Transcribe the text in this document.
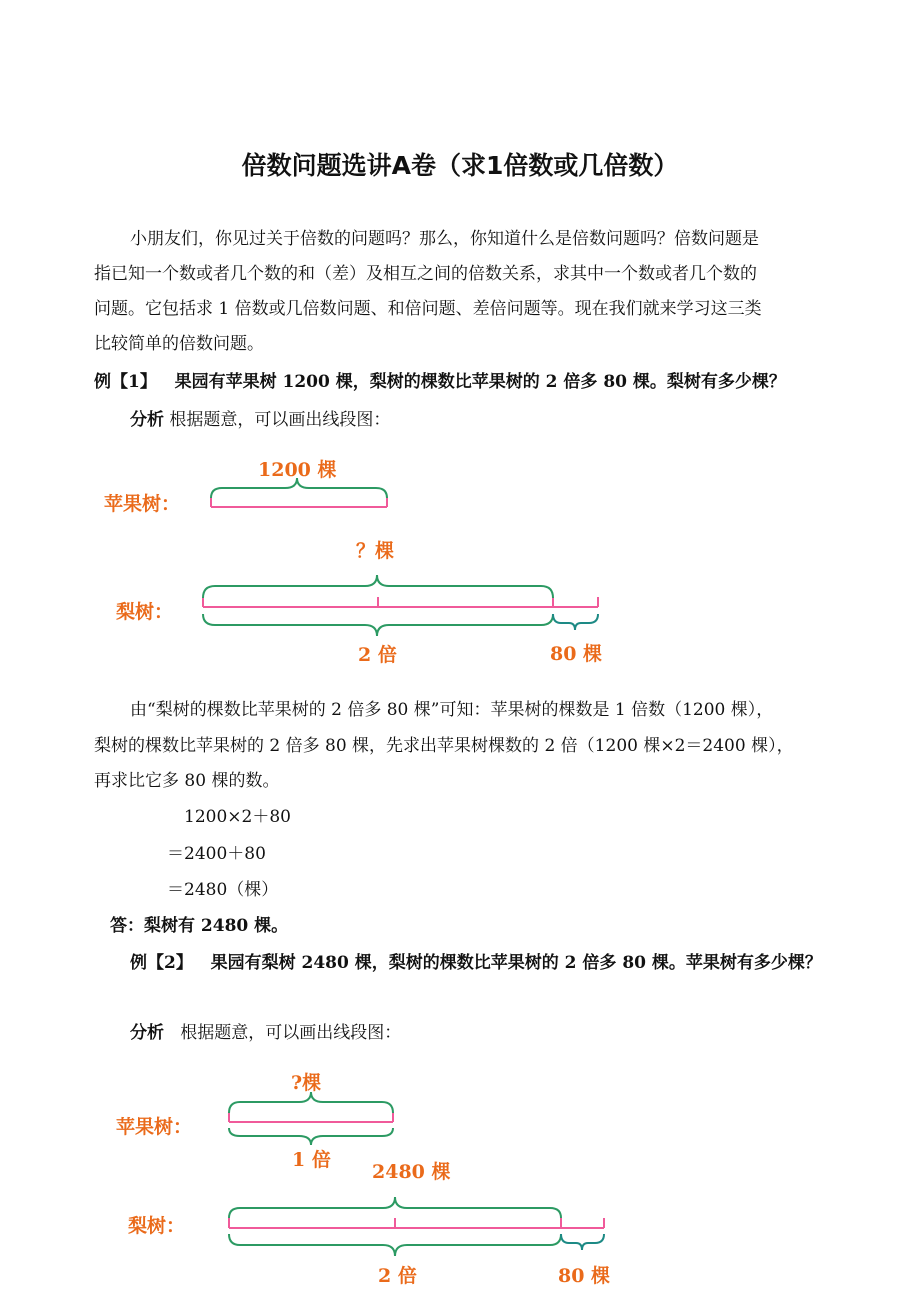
倍数问题选讲A卷（求1倍数或几倍数）
小朋友们，你见过关于倍数的问题吗？那么，你知道什么是倍数问题吗？倍数问题是
指已知一个数或者几个数的和（差）及相互之间的倍数关系，求其中一个数或者几个数的
问题。它包括求 1 倍数或几倍数问题、和倍问题、差倍问题等。现在我们就来学习这三类
比较简单的倍数问题。
例【1】 果园有苹果树 1200 棵，梨树的棵数比苹果树的 2 倍多 80 棵。梨树有多少棵？
分析 根据题意，可以画出线段图：
1200 棵
苹果树：
？棵
梨树：
2 倍	80 棵
由“梨树的棵数比苹果树的 2 倍多 80 棵”可知：苹果树的棵数是 1 倍数（1200 棵），
梨树的棵数比苹果树的 2 倍多 80 棵，先求出苹果树棵数的 2 倍（1200 棵×2＝2400 棵），
再求比它多 80 棵的数。
1200×2＋80
＝2400＋80
＝2480（棵）
答：梨树有 2480 棵。
例【2】 果园有梨树 2480 棵，梨树的棵数比苹果树的 2 倍多 80 棵。苹果树有多少棵？
分析 根据题意，可以画出线段图：
?棵
苹果树：
1 倍
2480 棵
梨树：
2 倍	80 棵
